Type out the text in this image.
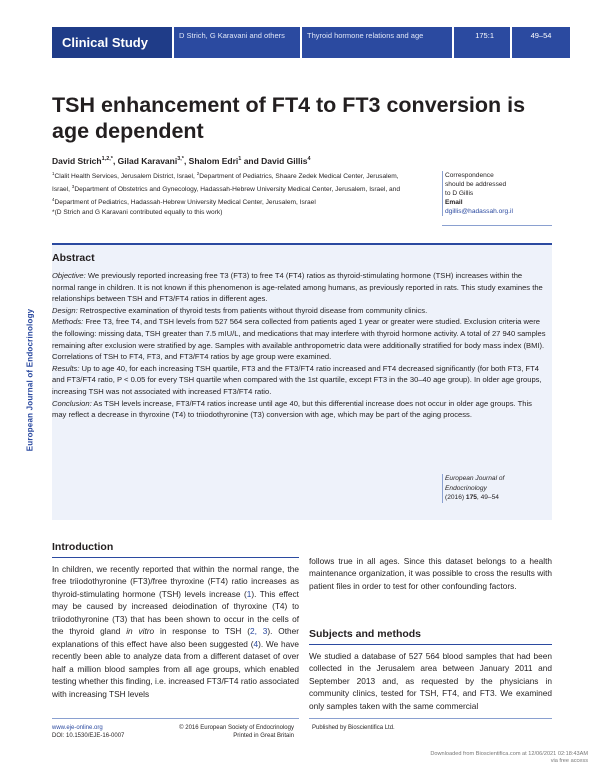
Clinical Study	D Strich, G Karavani and others	Thyroid hormone relations and age	175:1	49–54
European Journal of Endocrinology
TSH enhancement of FT4 to FT3 conversion is age dependent
David Strich$^{1,2,*}$, Gilad Karavani$^{3,*}$, Shalom Edri$^1$ and David Gillis$^4$
$^1$Clalit Health Services, Jerusalem District, Israel, $^2$Department of Pediatrics, Shaare Zedek Medical Center, Jerusalem, Israel, $^3$Department of Obstetrics and Gynecology, Hadassah-Hebrew University Medical Center, Jerusalem, Israel, and $^4$Department of Pediatrics, Hadassah-Hebrew University Medical Center, Jerusalem, Israel
*(D Strich and G Karavani contributed equally to this work)
Correspondence
should be addressed
to D Gillis
Email
dgillis@hadassah.org.il
Abstract

Objective: We previously reported increasing free T3 (FT3) to free T4 (FT4) ratios as thyroid-stimulating hormone (TSH) increases within the normal range in children. It is not known if this phenomenon is age-related among humans, as previously reported in rats. This study examines the relationships between TSH and FT3/FT4 ratios in different ages.

Design: Retrospective examination of thyroid tests from patients without thyroid disease from community clinics.

Methods: Free T3, free T4, and TSH levels from 527 564 sera collected from patients aged 1 year or greater were studied. Exclusion criteria were the following: missing data, TSH greater than 7.5 mIU/L, and medications that may interfere with thyroid hormone activity. A total of 27 940 samples remaining after exclusion were stratified by age. Samples with available anthropometric data were additionally stratified for body mass index (BMI). Correlations of TSH to FT4, FT3, and FT3/FT4 ratios by age group were examined.

Results: Up to age 40, for each increasing TSH quartile, FT3 and the FT3/FT4 ratio increased and FT4 decreased significantly (for both FT3, FT4 and FT3/FT4 ratio, P < 0.05 for every TSH quartile when compared with the 1st quartile, except FT3 in the 30–40 age group). In older age groups, increasing TSH was not associated with increased FT3/FT4 ratio.

Conclusion: As TSH levels increase, FT3/FT4 ratios increase until age 40, but this differential increase does not occur in older age groups. This may reflect a decrease in thyroxine (T4) to triiodothyronine (T3) conversion with age, which may be part of the aging process.

European Journal of
Endocrinology
(2016) 175, 49–54
Introduction

In children, we recently reported that within the normal range, the free triiodothyronine (FT3)/free thyroxine (FT4) ratio increases as thyroid-stimulating hormone (TSH) levels increase (1). This effect may be caused by increased deiodination of thyroxine (T4) to triiodothyronine (T3) that has been shown to occur in the cells of the thyroid gland in vitro in response to TSH (2, 3). Other explanations of this effect have also been suggested (4). We have recently been able to analyze data from a different dataset of over half a million blood samples from all age groups, which enabled testing whether this finding, i.e. increased FT3/FT4 ratio associated with increasing TSH levels

follows true in all ages. Since this dataset belongs to a health maintenance organization, it was possible to cross the results with patient files in order to test for other confounding factors.

Subjects and methods

We studied a database of 527 564 blood samples that had been collected in the Jerusalem area between January 2011 and September 2013 and, as requested by the physicians in community clinics, tested for TSH, FT4, and FT3. We examined only samples taken with the same commercial

www.eje-online.org
DOI: 10.1530/EJE-16-0007
© 2016 European Society of Endocrinology
Printed in Great Britain
Published by Bioscientifica Ltd.
Downloaded from Bioscientifica.com at 12/06/2021 02:18:43AM
via free access
